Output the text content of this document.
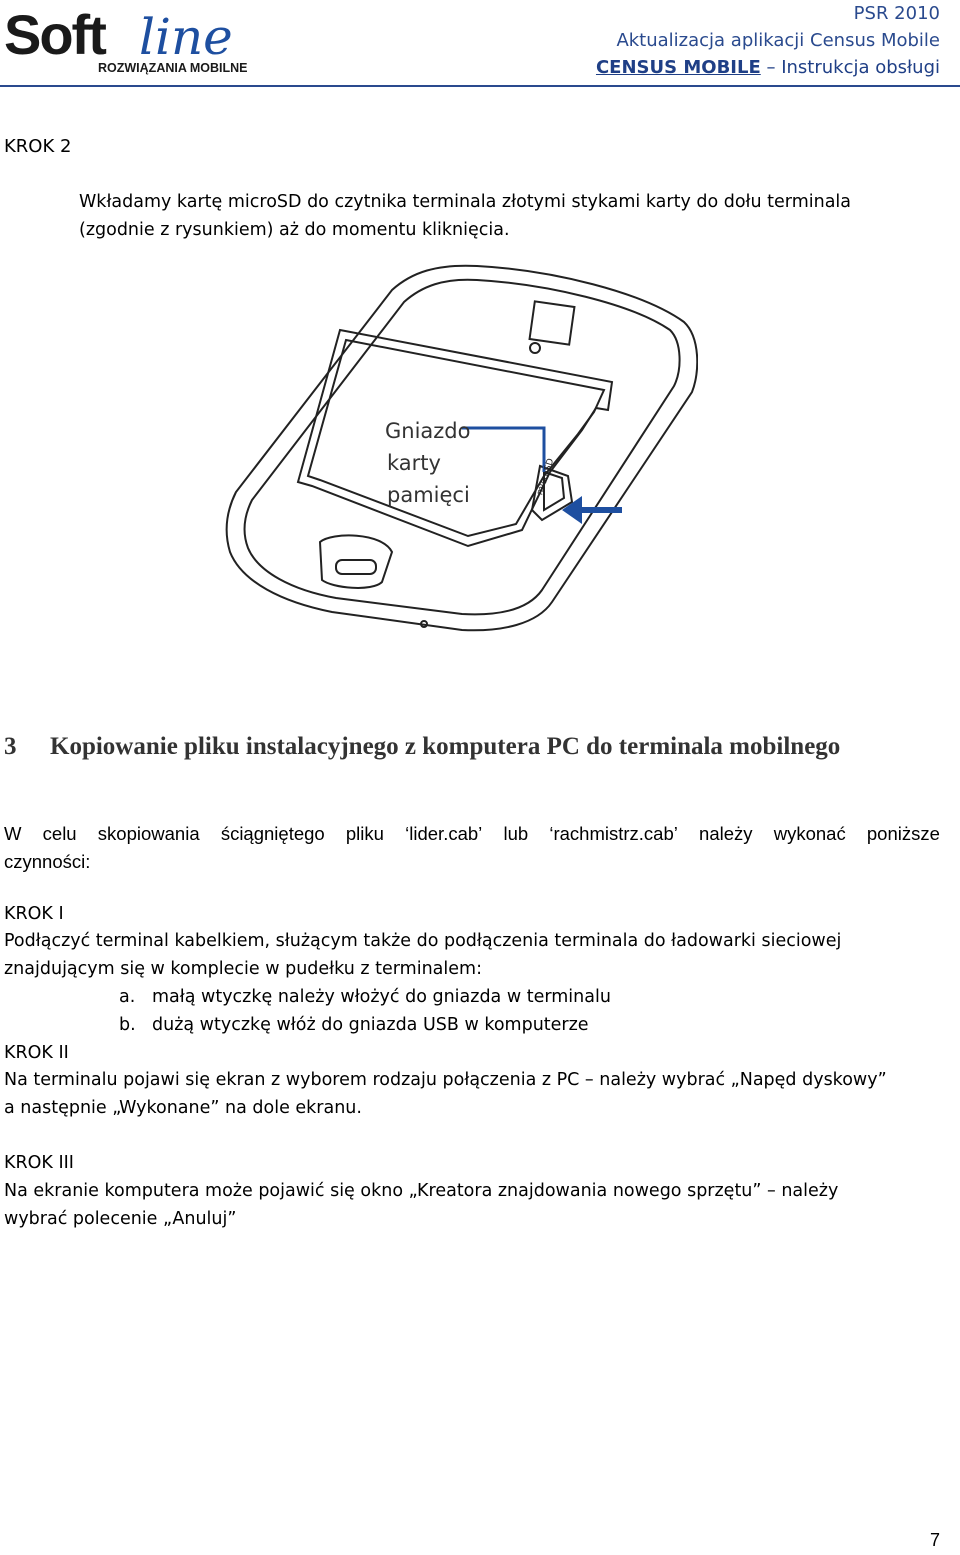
Soft line
ROZWIĄZANIA MOBILNE
PSR 2010
Aktualizacja aplikacji Census Mobile
CENSUS MOBILE – Instrukcja obsługi
KROK 2
Wkładamy kartę microSD do czytnika terminala złotymi stykami karty do dołu terminala
(zgodnie z rysunkiem) aż do momentu kliknięcia.
Gniazdo
karty
pamięci	microSD
3 Kopiowanie pliku instalacyjnego z komputera PC do terminala mobilnego
W celu skopiowania ściągniętego pliku ‘lider.cab’ lub ‘rachmistrz.cab’ należy wykonać poniższe
czynności:
KROK I
Podłączyć terminal kabelkiem, służącym także do podłączenia terminala do ładowarki sieciowej
znajdującym się w komplecie w pudełku z terminalem:
a. małą wtyczkę należy włożyć do gniazda w terminalu
b. dużą wtyczkę włóż do gniazda USB w komputerze
KROK II
Na terminalu pojawi się ekran z wyborem rodzaju połączenia z PC – należy wybrać „Napęd dyskowy”
a następnie „Wykonane” na dole ekranu.
KROK III
Na ekranie komputera może pojawić się okno „Kreatora znajdowania nowego sprzętu” – należy
wybrać polecenie „Anuluj”
7
